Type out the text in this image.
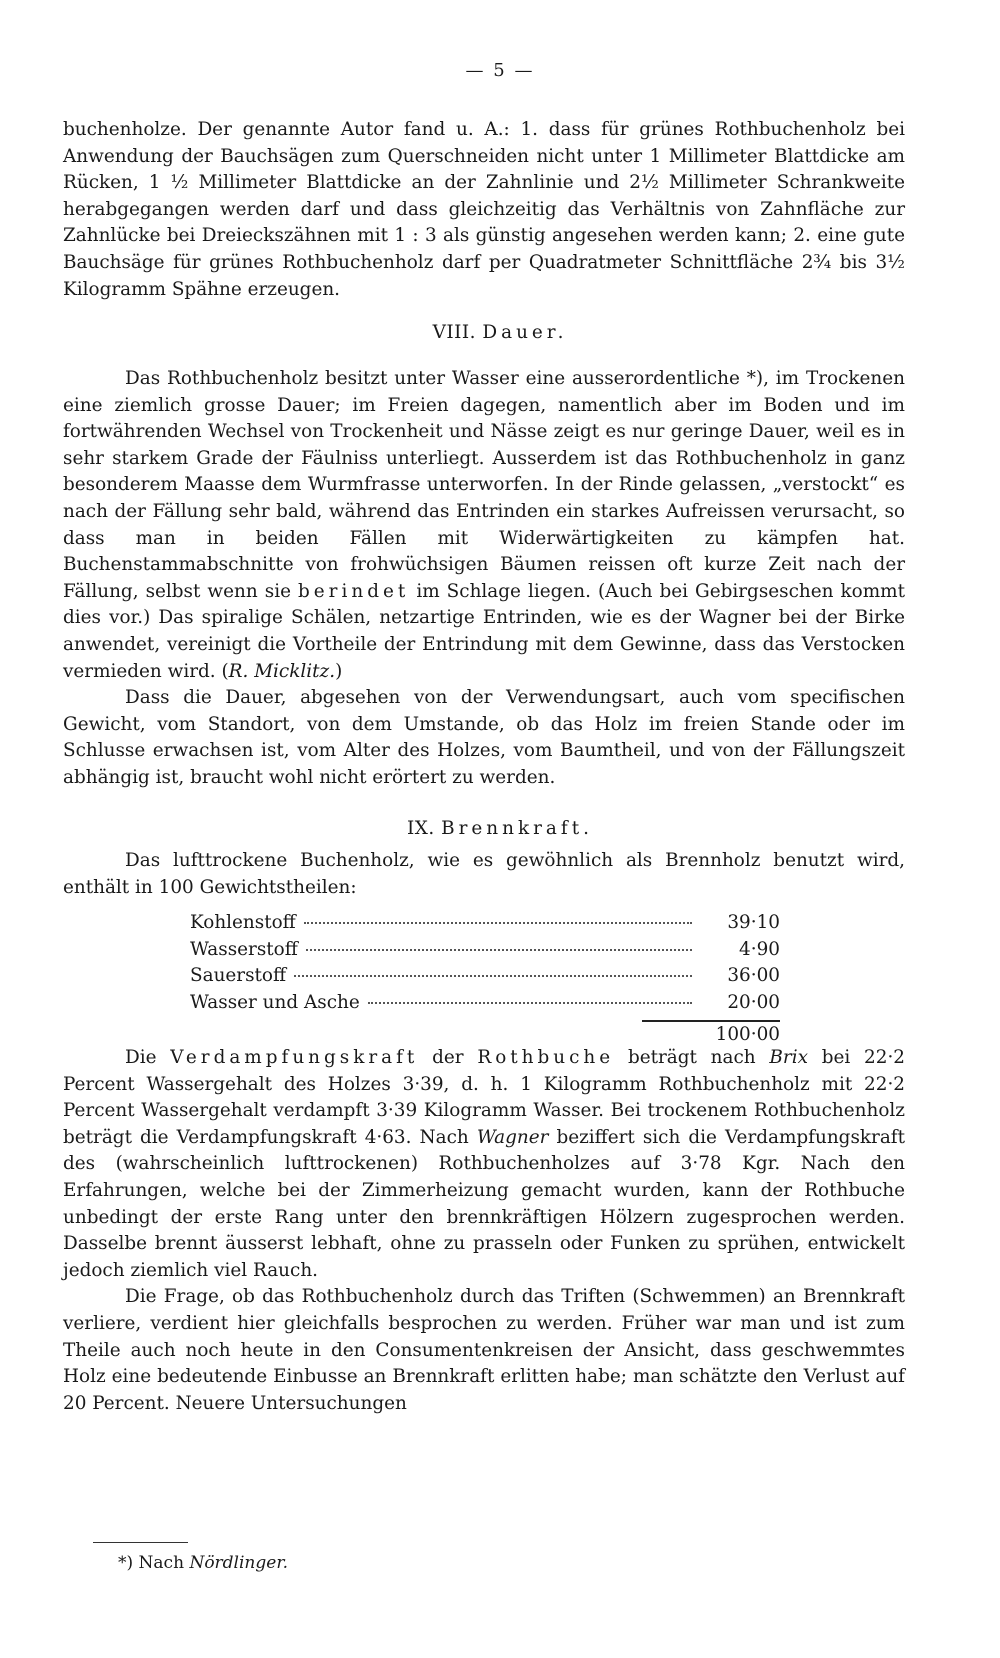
— 5 —

buchenholze. Der genannte Autor fand u. A.: 1. dass für grünes Rothbuchenholz bei Anwendung der Bauchsägen zum Querschneiden nicht unter 1 Millimeter Blattdicke am Rücken, 1 ½ Millimeter Blattdicke an der Zahnlinie und 2½ Millimeter Schrankweite herabgegangen werden darf und dass gleichzeitig das Verhältnis von Zahnfläche zur Zahnlücke bei Dreieckszähnen mit 1 : 3 als günstig angesehen werden kann; 2. eine gute Bauchsäge für grünes Rothbuchenholz darf per Quadratmeter Schnittfläche 2¾ bis 3½ Kilogramm Spähne erzeugen.

VIII. Dauer.

Das Rothbuchenholz besitzt unter Wasser eine ausserordentliche *), im Trockenen eine ziemlich grosse Dauer; im Freien dagegen, namentlich aber im Boden und im fortwährenden Wechsel von Trockenheit und Nässe zeigt es nur geringe Dauer, weil es in sehr starkem Grade der Fäulniss unterliegt. Ausserdem ist das Rothbuchenholz in ganz besonderem Maasse dem Wurmfrasse unterworfen. In der Rinde gelassen, „verstockt“ es nach der Fällung sehr bald, während das Entrinden ein starkes Aufreissen verursacht, so dass man in beiden Fällen mit Widerwärtigkeiten zu kämpfen hat. Buchenstammabschnitte von frohwüchsigen Bäumen reissen oft kurze Zeit nach der Fällung, selbst wenn sie berindet im Schlage liegen. (Auch bei Gebirgseschen kommt dies vor.) Das spiralige Schälen, netzartige Entrinden, wie es der Wagner bei der Birke anwendet, vereinigt die Vortheile der Entrindung mit dem Gewinne, dass das Verstocken vermieden wird. (R. Micklitz.)

Dass die Dauer, abgesehen von der Verwendungsart, auch vom specifischen Gewicht, vom Standort, von dem Umstande, ob das Holz im freien Stande oder im Schlusse erwachsen ist, vom Alter des Holzes, vom Baumtheil, und von der Fällungszeit abhängig ist, braucht wohl nicht erörtert zu werden.

IX. Brennkraft.

Das lufttrockene Buchenholz, wie es gewöhnlich als Brennholz benutzt wird, enthält in 100 Gewichtstheilen:

Kohlenstoff	39·10
Wasserstoff	4·90
Sauerstoff	36·00
Wasser und Asche	20·00
100·00

Die Verdampfungskraft der Rothbuche beträgt nach Brix bei 22·2 Percent Wassergehalt des Holzes 3·39, d. h. 1 Kilogramm Rothbuchenholz mit 22·2 Percent Wassergehalt verdampft 3·39 Kilogramm Wasser. Bei trockenem Rothbuchenholz beträgt die Verdampfungskraft 4·63. Nach Wagner beziffert sich die Verdampfungskraft des (wahrscheinlich lufttrockenen) Rothbuchenholzes auf 3·78 Kgr. Nach den Erfahrungen, welche bei der Zimmerheizung gemacht wurden, kann der Rothbuche unbedingt der erste Rang unter den brennkräftigen Hölzern zugesprochen werden. Dasselbe brennt äusserst lebhaft, ohne zu prasseln oder Funken zu sprühen, entwickelt jedoch ziemlich viel Rauch.

Die Frage, ob das Rothbuchenholz durch das Triften (Schwemmen) an Brennkraft verliere, verdient hier gleichfalls besprochen zu werden. Früher war man und ist zum Theile auch noch heute in den Consumentenkreisen der Ansicht, dass geschwemmtes Holz eine bedeutende Einbusse an Brennkraft erlitten habe; man schätzte den Verlust auf 20 Percent. Neuere Untersuchungen

*) Nach Nördlinger.
